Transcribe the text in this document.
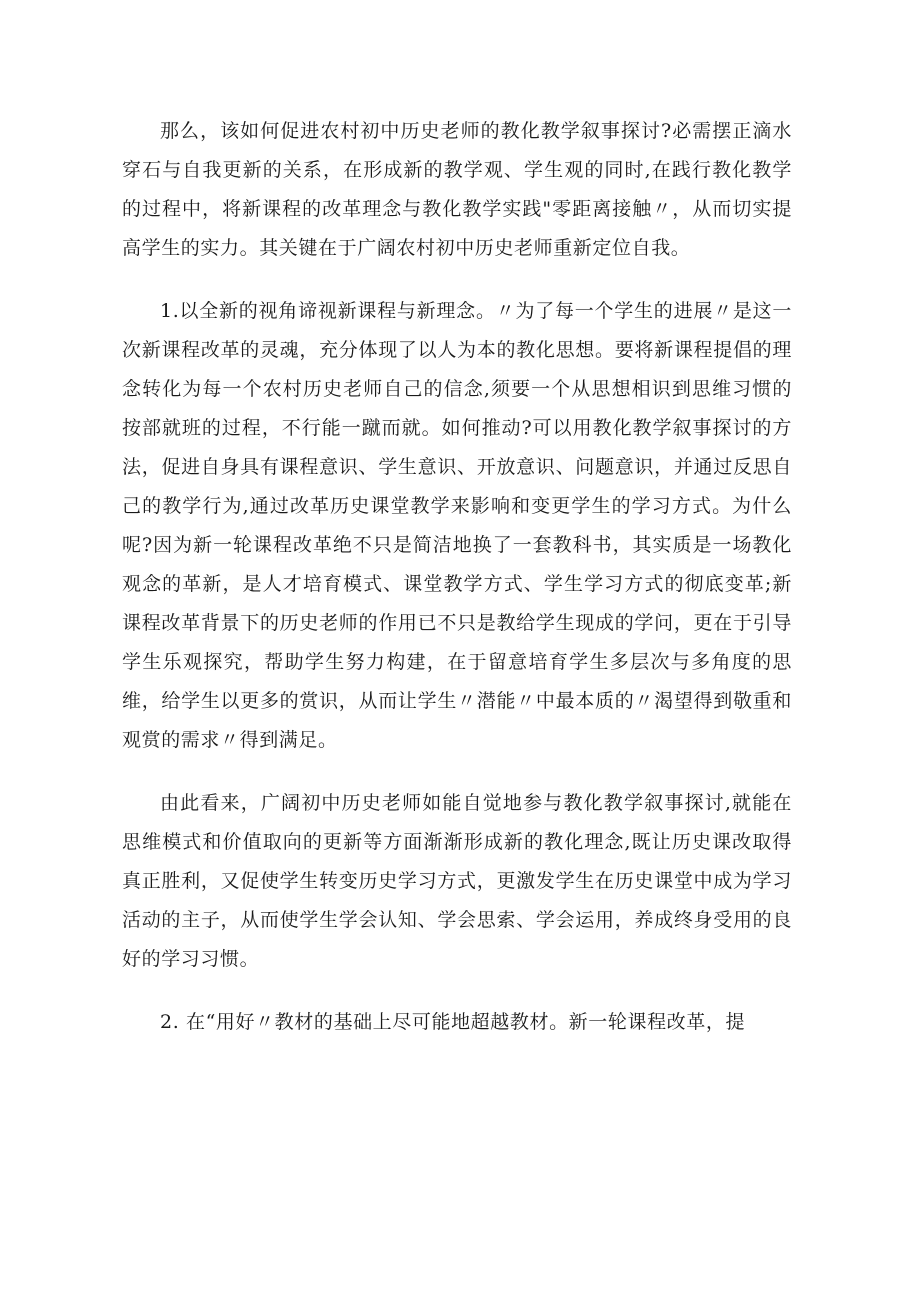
那么，该如何促进农村初中历史老师的教化教学叙事探讨?必需摆正滴水穿石与自我更新的关系，在形成新的教学观、学生观的同时,在践行教化教学的过程中，将新课程的改革理念与教化教学实践"零距离接触〃，从而切实提高学生的实力。其关键在于广阔农村初中历史老师重新定位自我。

1.以全新的视角谛视新课程与新理念。〃为了每一个学生的进展〃是这一次新课程改革的灵魂，充分体现了以人为本的教化思想。要将新课程提倡的理念转化为每一个农村历史老师自己的信念,须要一个从思想相识到思维习惯的按部就班的过程，不行能一蹴而就。如何推动?可以用教化教学叙事探讨的方法，促进自身具有课程意识、学生意识、开放意识、问题意识，并通过反思自己的教学行为,通过改革历史课堂教学来影响和变更学生的学习方式。为什么呢?因为新一轮课程改革绝不只是简洁地换了一套教科书，其实质是一场教化观念的革新，是人才培育模式、课堂教学方式、学生学习方式的彻底变革;新课程改革背景下的历史老师的作用已不只是教给学生现成的学问，更在于引导学生乐观探究，帮助学生努力构建，在于留意培育学生多层次与多角度的思维，给学生以更多的赏识，从而让学生〃潜能〃中最本质的〃渴望得到敬重和观赏的需求〃得到满足。

由此看来，广阔初中历史老师如能自觉地参与教化教学叙事探讨,就能在思维模式和价值取向的更新等方面渐渐形成新的教化理念,既让历史课改取得真正胜利，又促使学生转变历史学习方式，更激发学生在历史课堂中成为学习活动的主子，从而使学生学会认知、学会思索、学会运用，养成终身受用的良好的学习习惯。

2. 在“用好〃教材的基础上尽可能地超越教材。新一轮课程改革，提
